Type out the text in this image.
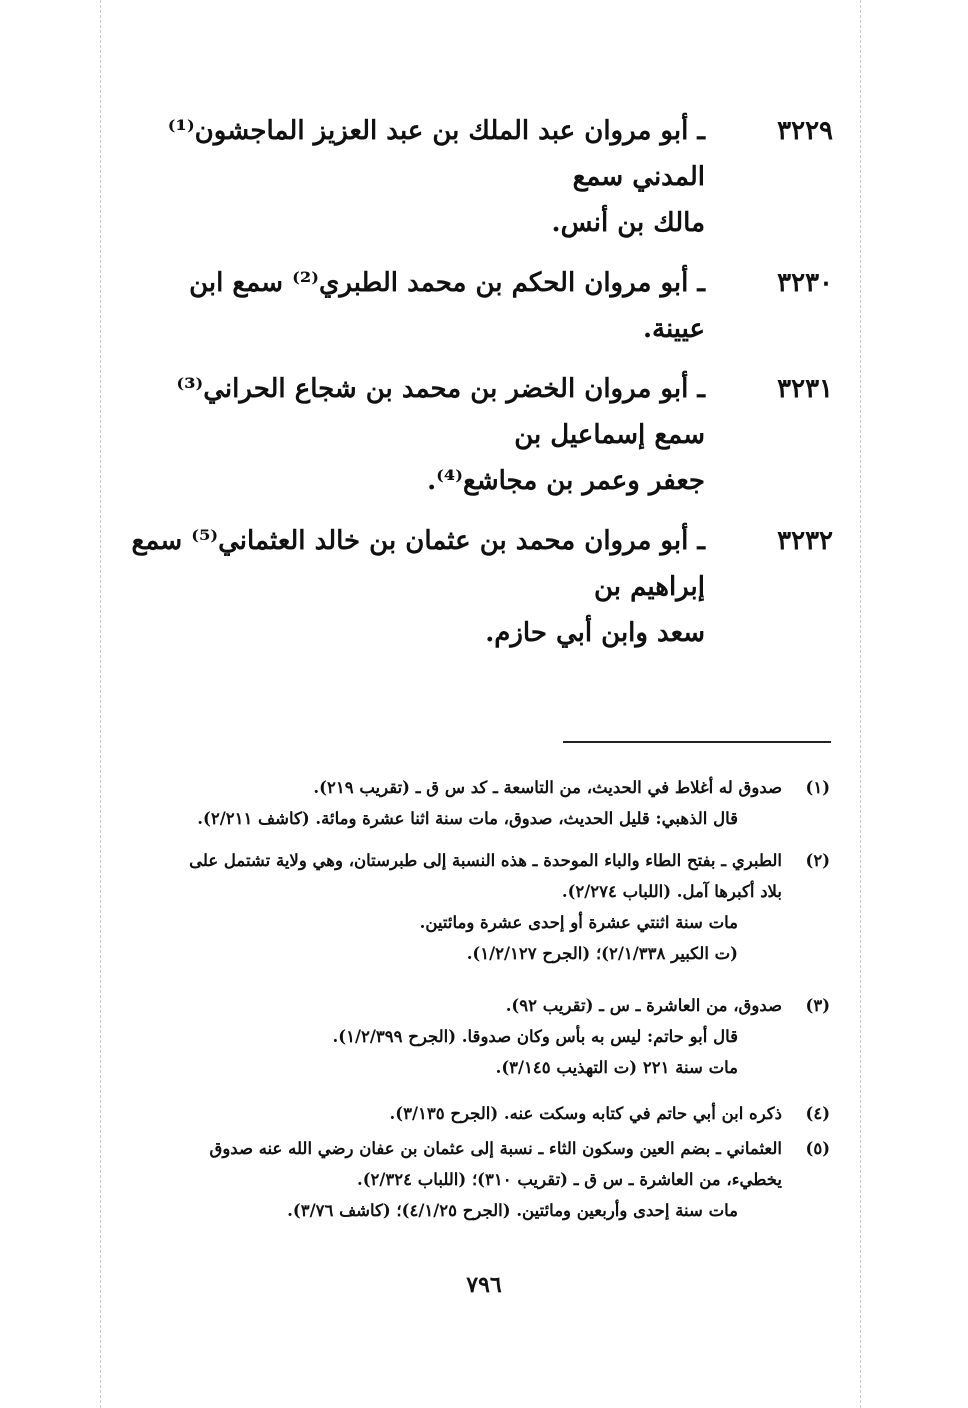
٣٢٢٩
ـ أبو مروان عبد الملك بن عبد العزيز الماجشون⁽¹⁾ المدني سمع
مالك بن أنس.
٣٢٣٠
ـ أبو مروان الحكم بن محمد الطبري⁽²⁾ سمع ابن عيينة.
٣٢٣١
ـ أبو مروان الخضر بن محمد بن شجاع الحراني⁽³⁾ سمع إسماعيل بن
جعفر وعمر بن مجاشع⁽⁴⁾.
٣٢٣٢
ـ أبو مروان محمد بن عثمان بن خالد العثماني⁽⁵⁾ سمع إبراهيم بن
سعد وابن أبي حازم.
(١)
صدوق له أغلاط في الحديث، من التاسعة ـ كد س ق ـ (تقريب ٢١٩).
قال الذهبي: قليل الحديث، صدوق، مات سنة اثنا عشرة ومائة. (كاشف ٢/٢١١).
(٢)
الطبري ـ بفتح الطاء والباء الموحدة ـ هذه النسبة إلى طبرستان، وهي ولاية تشتمل على
بلاد أكبرها آمل. (اللباب ٢/٢٧٤).
مات سنة اثنتي عشرة أو إحدى عشرة ومائتين.
(ت الكبير ٢/١/٣٣٨)؛ (الجرح ١/٢/١٢٧).
(٣)
صدوق، من العاشرة ـ س ـ (تقريب ٩٢).
قال أبو حاتم: ليس به بأس وكان صدوقا. (الجرح ١/٢/٣٩٩).
مات سنة ٢٢١ (ت التهذيب ٣/١٤٥).
(٤)
ذكره ابن أبي حاتم في كتابه وسكت عنه. (الجرح ٣/١٣٥).
(٥)
العثماني ـ بضم العين وسكون الثاء ـ نسبة إلى عثمان بن عفان رضي الله عنه صدوق
يخطيء، من العاشرة ـ س ق ـ (تقريب ٣١٠)؛ (اللباب ٢/٣٢٤).
مات سنة إحدى وأربعين ومائتين. (الجرح ٤/١/٢٥)؛ (كاشف ٣/٧٦).
٧٩٦
